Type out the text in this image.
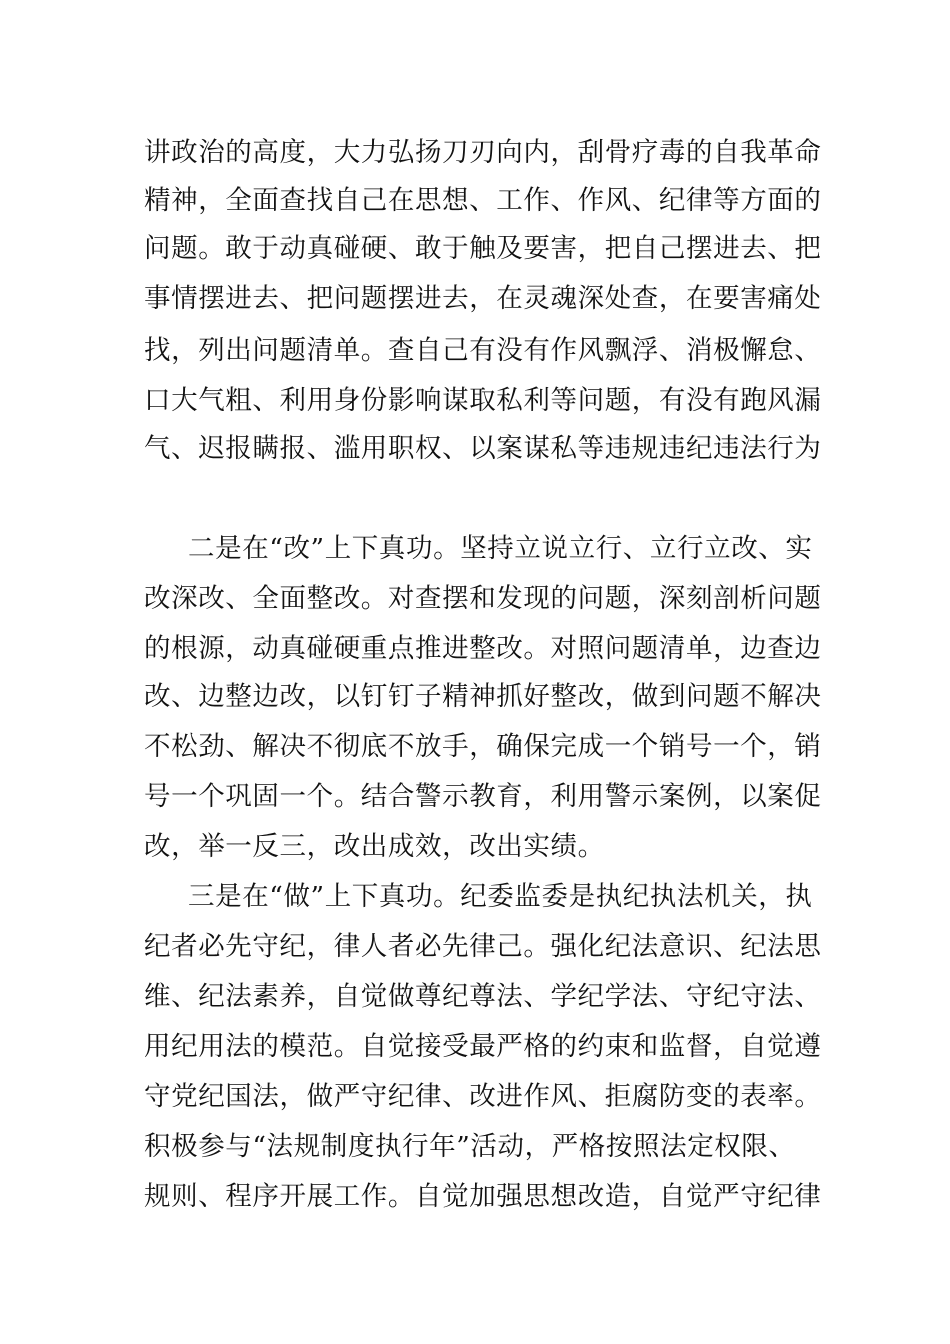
讲政治的高度，大力弘扬刀刃向内，刮骨疗毒的自我革命
精神，全面查找自己在思想、工作、作风、纪律等方面的
问题。敢于动真碰硬、敢于触及要害，把自己摆进去、把
事情摆进去、把问题摆进去，在灵魂深处查，在要害痛处
找，列出问题清单。查自己有没有作风飘浮、消极懈怠、
口大气粗、利用身份影响谋取私利等问题，有没有跑风漏
气、迟报瞒报、滥用职权、以案谋私等违规违纪违法行为
二是在“改”上下真功。坚持立说立行、立行立改、实
改深改、全面整改。对查摆和发现的问题，深刻剖析问题
的根源，动真碰硬重点推进整改。对照问题清单，边查边
改、边整边改，以钉钉子精神抓好整改，做到问题不解决
不松劲、解决不彻底不放手，确保完成一个销号一个，销
号一个巩固一个。结合警示教育，利用警示案例，以案促
改，举一反三，改出成效，改出实绩。
三是在“做”上下真功。纪委监委是执纪执法机关，执
纪者必先守纪，律人者必先律己。强化纪法意识、纪法思
维、纪法素养，自觉做尊纪尊法、学纪学法、守纪守法、
用纪用法的模范。自觉接受最严格的约束和监督，自觉遵
守党纪国法，做严守纪律、改进作风、拒腐防变的表率。
积极参与“法规制度执行年”活动，严格按照法定权限、
规则、程序开展工作。自觉加强思想改造，自觉严守纪律
